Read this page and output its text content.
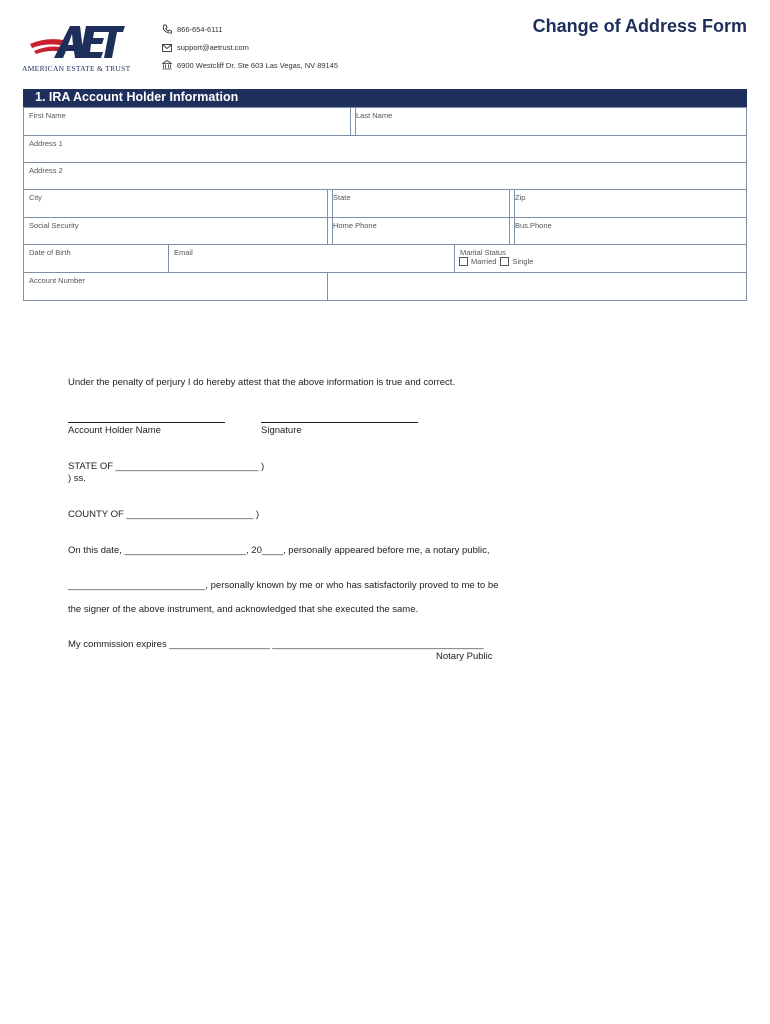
AMERICAN ESTATE & TRUST
866-654-6111
support@aetrust.com
6900 Westcliff Dr. Ste 603 Las Vegas, NV 89145
Change of Address Form
1. IRA Account Holder Information
First Name	Last Name
Address 1
Address 2
City	State	Zip
Social Security	Home Phone	Bus.Phone
Date of Birth	Email	Marital Status
Married Single
Account Number
Under the penalty of perjury I do hereby attest that the above information is true and correct.
Account Holder Name	Signature
STATE OF ___________________________ )
) ss.
COUNTY OF ________________________ )
On this date, _______________________, 20____, personally appeared before me, a notary public,
__________________________, personally known by me or who has satisfactorily proved to me to be
the signer of the above instrument, and acknowledged that she executed the same.
My commission expires ___________________ ________________________________________
Notary Public
